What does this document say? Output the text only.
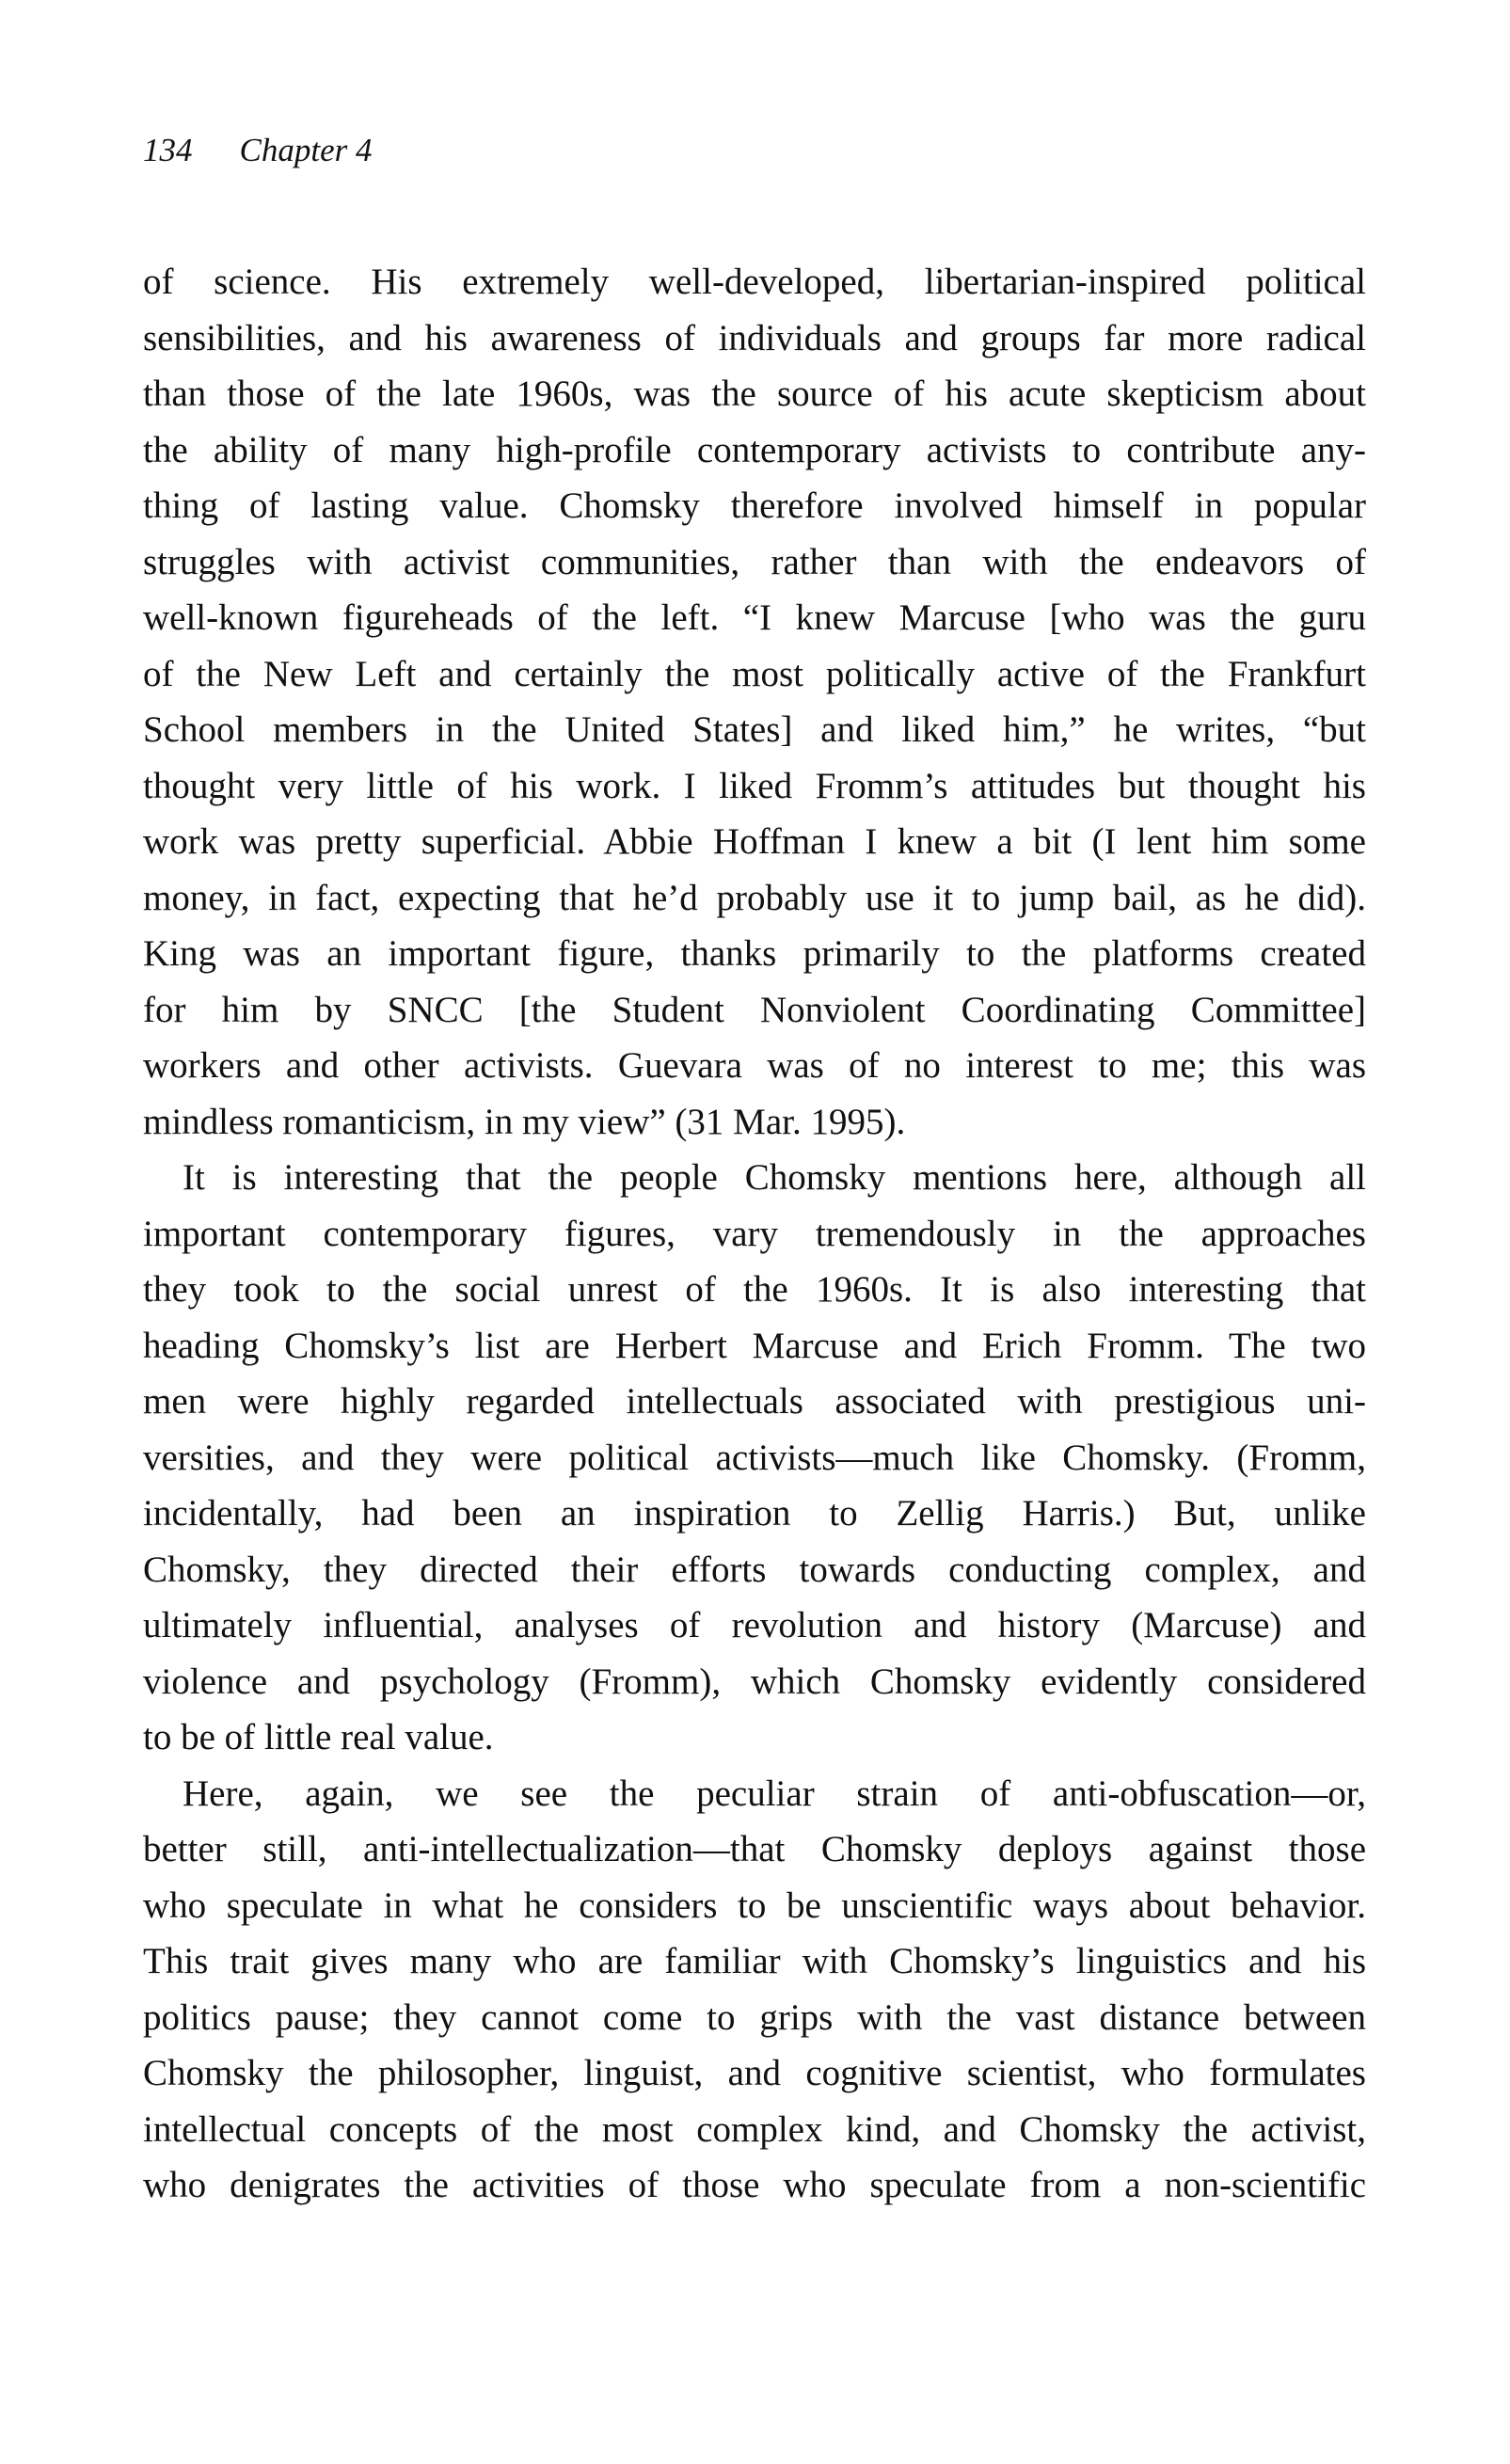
134 Chapter 4
of science. His extremely well-developed, libertarian-inspired political
sensibilities, and his awareness of individuals and groups far more radical
than those of the late 1960s, was the source of his acute skepticism about
the ability of many high-profile contemporary activists to contribute any-
thing of lasting value. Chomsky therefore involved himself in popular
struggles with activist communities, rather than with the endeavors of
well-known figureheads of the left. “I knew Marcuse [who was the guru
of the New Left and certainly the most politically active of the Frankfurt
School members in the United States] and liked him,” he writes, “but
thought very little of his work. I liked Fromm’s attitudes but thought his
work was pretty superficial. Abbie Hoffman I knew a bit (I lent him some
money, in fact, expecting that he’d probably use it to jump bail, as he did).
King was an important figure, thanks primarily to the platforms created
for him by SNCC [the Student Nonviolent Coordinating Committee]
workers and other activists. Guevara was of no interest to me; this was
mindless romanticism, in my view” (31 Mar. 1995).
It is interesting that the people Chomsky mentions here, although all
important contemporary figures, vary tremendously in the approaches
they took to the social unrest of the 1960s. It is also interesting that
heading Chomsky’s list are Herbert Marcuse and Erich Fromm. The two
men were highly regarded intellectuals associated with prestigious uni-
versities, and they were political activists—much like Chomsky. (Fromm,
incidentally, had been an inspiration to Zellig Harris.) But, unlike
Chomsky, they directed their efforts towards conducting complex, and
ultimately influential, analyses of revolution and history (Marcuse) and
violence and psychology (Fromm), which Chomsky evidently considered
to be of little real value.
Here, again, we see the peculiar strain of anti-obfuscation—or,
better still, anti-intellectualization—that Chomsky deploys against those
who speculate in what he considers to be unscientific ways about behavior.
This trait gives many who are familiar with Chomsky’s linguistics and his
politics pause; they cannot come to grips with the vast distance between
Chomsky the philosopher, linguist, and cognitive scientist, who formulates
intellectual concepts of the most complex kind, and Chomsky the activist,
who denigrates the activities of those who speculate from a non-scientific
